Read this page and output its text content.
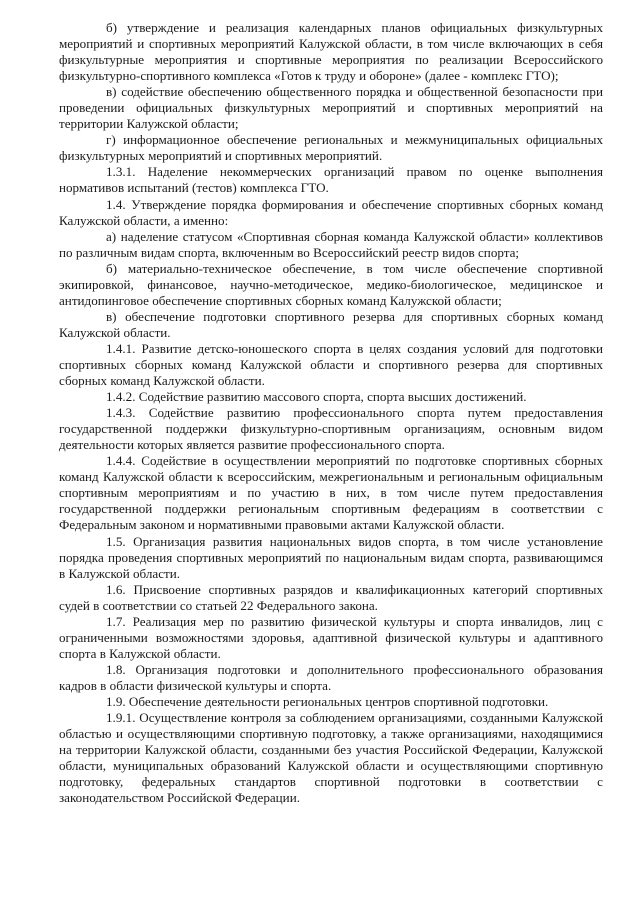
б) утверждение и реализация календарных планов официальных физкультурных мероприятий и спортивных мероприятий Калужской области, в том числе включающих в себя физкультурные мероприятия и спортивные мероприятия по реализации Всероссийского физкультурно-спортивного комплекса «Готов к труду и обороне» (далее - комплекс ГТО);

в) содействие обеспечению общественного порядка и общественной безопасности при проведении официальных физкультурных мероприятий и спортивных мероприятий на территории Калужской области;

г) информационное обеспечение региональных и межмуниципальных официальных физкультурных мероприятий и спортивных мероприятий.

1.3.1. Наделение некоммерческих организаций правом по оценке выполнения нормативов испытаний (тестов) комплекса ГТО.

1.4. Утверждение порядка формирования и обеспечение спортивных сборных команд Калужской области, а именно:

а) наделение статусом «Спортивная сборная команда Калужской области» коллективов по различным видам спорта, включенным во Всероссийский реестр видов спорта;

б) материально-техническое обеспечение, в том числе обеспечение спортивной экипировкой, финансовое, научно-методическое, медико-биологическое, медицинское и антидопинговое обеспечение спортивных сборных команд Калужской области;

в) обеспечение подготовки спортивного резерва для спортивных сборных команд Калужской области.

1.4.1. Развитие детско-юношеского спорта в целях создания условий для подготовки спортивных сборных команд Калужской области и спортивного резерва для спортивных сборных команд Калужской области.

1.4.2. Содействие развитию массового спорта, спорта высших достижений.

1.4.3. Содействие развитию профессионального спорта путем предоставления государственной поддержки физкультурно-спортивным организациям, основным видом деятельности которых является развитие профессионального спорта.

1.4.4. Содействие в осуществлении мероприятий по подготовке спортивных сборных команд Калужской области к всероссийским, межрегиональным и региональным официальным спортивным мероприятиям и по участию в них, в том числе путем предоставления государственной поддержки региональным спортивным федерациям в соответствии с Федеральным законом и нормативными правовыми актами Калужской области.

1.5. Организация развития национальных видов спорта, в том числе установление порядка проведения спортивных мероприятий по национальным видам спорта, развивающимся в Калужской области.

1.6. Присвоение спортивных разрядов и квалификационных категорий спортивных судей в соответствии со статьей 22 Федерального закона.

1.7. Реализация мер по развитию физической культуры и спорта инвалидов, лиц с ограниченными возможностями здоровья, адаптивной физической культуры и адаптивного спорта в Калужской области.

1.8. Организация подготовки и дополнительного профессионального образования кадров в области физической культуры и спорта.

1.9. Обеспечение деятельности региональных центров спортивной подготовки.

1.9.1. Осуществление контроля за соблюдением организациями, созданными Калужской областью и осуществляющими спортивную подготовку, а также организациями, находящимися на территории Калужской области, созданными без участия Российской Федерации, Калужской области, муниципальных образований Калужской области и осуществляющими спортивную подготовку, федеральных стандартов спортивной подготовки в соответствии с законодательством Российской Федерации.
